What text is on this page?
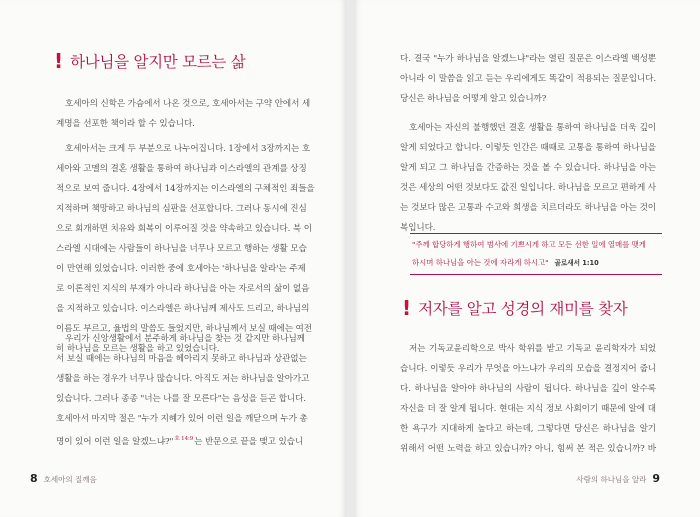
! 하나님을 알지만 모르는 삶
호세아의 신학은 가슴에서 나온 것으로, 호세아서는 구약 안에서 세
계명을 선포한 책이라 할 수 있습니다.
호세아서는 크게 두 부분으로 나누어집니다. 1장에서 3장까지는 호
세아와 고멜의 결혼 생활을 통하여 하나님과 이스라엘의 관계를 상징
적으로 보여 줍니다. 4장에서 14장까지는 이스라엘의 구체적인 죄들을
지적하며 책망하고 하나님의 심판을 선포합니다. 그러나 동시에 진심
으로 회개하면 치유와 회복이 이루어질 것을 약속하고 있습니다. 북 이
스라엘 시대에는 사람들이 하나님을 너무나 모르고 행하는 생활 모습
이 만연해 있었습니다. 이러한 중에 호세아는 '하나님을 알라'는 주제
로 이론적인 지식의 부재가 아니라 하나님을 아는 자로서의 삶이 없음
을 지적하고 있습니다. 이스라엘은 하나님께 제사도 드리고, 하나님의
이름도 부르고, 율법의 말씀도 들었지만, 하나님께서 보실 때에는 여전
히 하나님을 모르는 생활을 하고 있었습니다.
우리가 신앙생활에서 분주하게 하나님을 찾는 것 같지만 하나님께
서 보실 때에는 하나님의 마음을 헤아리지 못하고 하나님과 상관없는
생활을 하는 경우가 너무나 많습니다. 아직도 저는 하나님을 알아가고
있습니다. 그러나 종종 "너는 나를 잘 모른다"는 음성을 듣곤 합니다.
호세아서 마지막 절은 "누가 지혜가 있어 이런 일을 깨닫으며 누가 총
명이 있어 이런 일을 알겠느냐?"$^{호 14:9}$는 반문으로 끝을 맺고 있습니
8 호세아의 질깨음
다. 결국 "누가 하나님을 알겠느냐"라는 열린 질문은 이스라엘 백성뿐
아니라 이 말씀을 읽고 듣는 우리에게도 똑같이 적용되는 질문입니다.
당신은 하나님을 어떻게 알고 있습니까?
호세아는 자신의 불행했던 결혼 생활을 통하여 하나님을 더욱 깊이
알게 되었다고 합니다. 이렇듯 인간은 때때로 고통을 통하여 하나님을
알게 되고 그 하나님을 간증하는 것을 볼 수 있습니다. 하나님을 아는
것은 세상의 어떤 것보다도 값진 일입니다. 하나님을 모르고 편하게 사
는 것보다 많은 고통과 수고와 희생을 치르더라도 하나님을 아는 것이
복입니다.
"주께 합당하게 행하여 범사에 기쁘시게 하고 모든 선한 일에 열매를 맺게
하시며 하나님을 아는 것에 자라게 하시고" 골로새서 1:10
! 저자를 알고 성경의 재미를 찾자
저는 기독교윤리학으로 박사 학위를 받고 기독교 윤리학자가 되었
습니다. 이렇듯 우리가 무엇을 아느냐가 우리의 모습을 결정지어 줍니
다. 하나님을 알아야 하나님의 사람이 됩니다. 하나님을 깊이 알수록
자신을 더 잘 알게 됩니다. 현대는 지식 정보 사회이기 때문에 알에 대
한 욕구가 지대하게 높다고 하는데, 그렇다면 당신은 하나님을 알기
위해서 어떤 노력을 하고 있습니까? 아니, 힘써 본 적은 있습니까? 바
사람의 하나님을 알라 9
